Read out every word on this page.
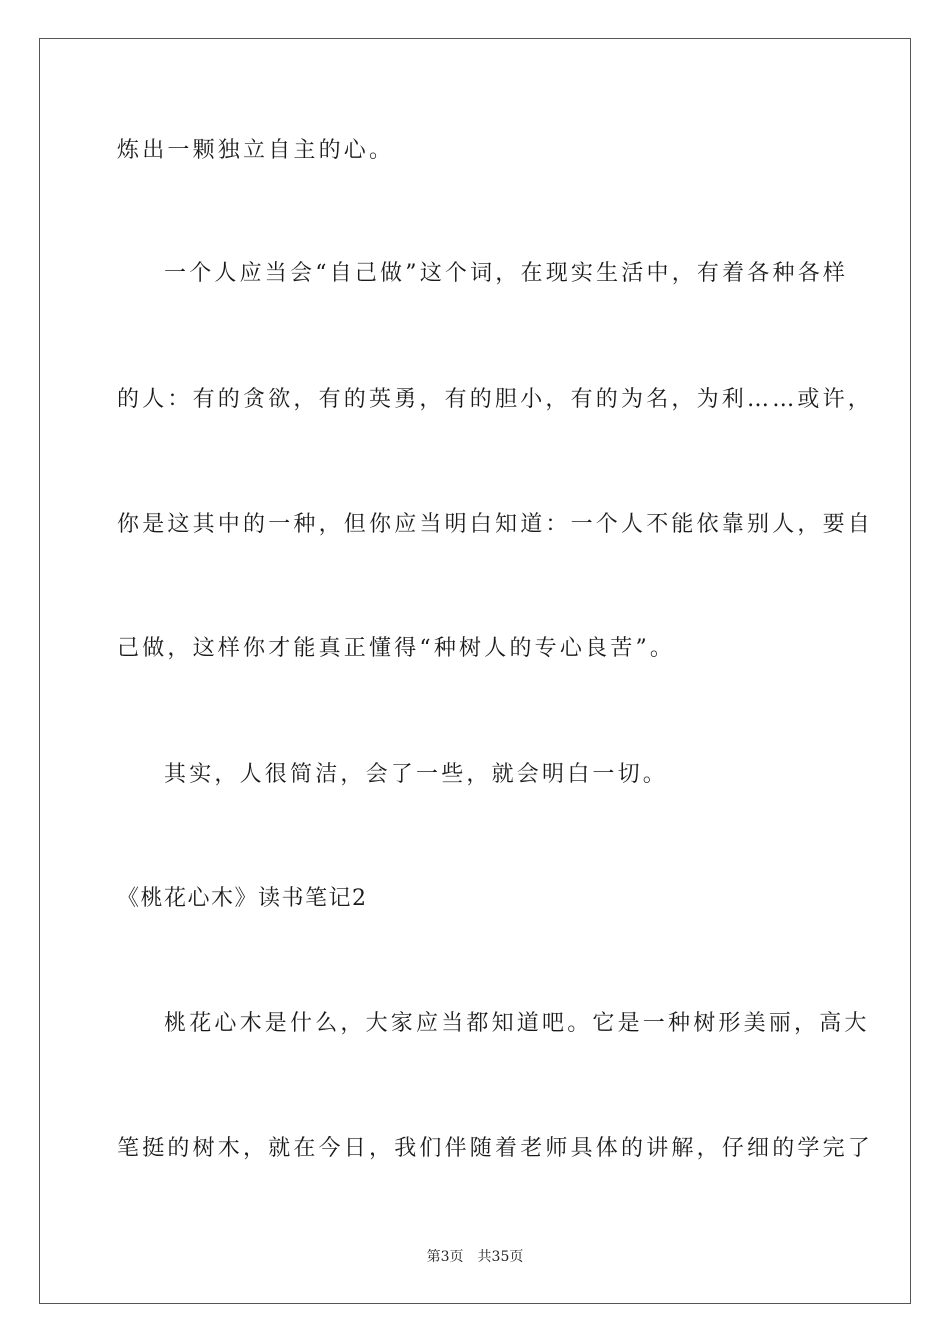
炼出一颗独立自主的心。
一个人应当会“自己做”这个词，在现实生活中，有着各种各样
的人：有的贪欲，有的英勇，有的胆小，有的为名，为利……或许，
你是这其中的一种，但你应当明白知道：一个人不能依靠别人，要自
己做，这样你才能真正懂得“种树人的专心良苦”。
其实，人很简洁，会了一些，就会明白一切。
《桃花心木》读书笔记2
桃花心木是什么，大家应当都知道吧。它是一种树形美丽，高大
笔挺的树木，就在今日，我们伴随着老师具体的讲解，仔细的学完了
第3页 共35页
